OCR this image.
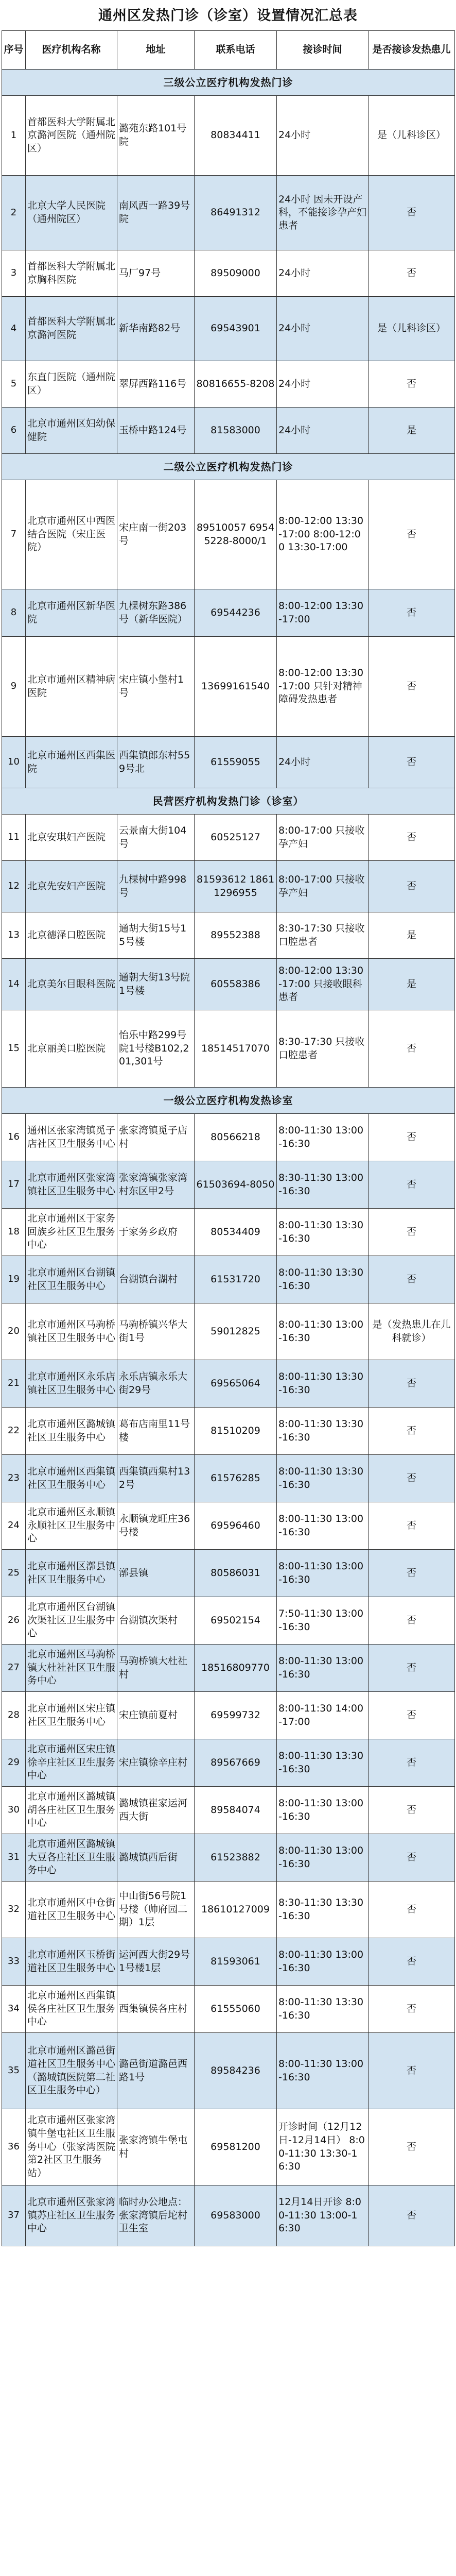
通州区发热门诊（诊室）设置情况汇总表
序号	医疗机构名称	地址	联系电话	接诊时间	是否接诊发热患儿
三级公立医疗机构发热门诊					
1	首都医科大学附属北京潞河医院（通州院区）	潞苑东路101号院	80834411	24小时	是（儿科诊区）
2	北京大学人民医院（通州院区）	南风西一路39号院	86491312	24小时 因未开设产科，不能接诊孕产妇患者	否
3	首都医科大学附属北京胸科医院	马厂97号	89509000	24小时	否
4	首都医科大学附属北京潞河医院	新华南路82号	69543901	24小时	是（儿科诊区）
5	东直门医院（通州院区）	翠屏西路116号	80816655-8208	24小时	否
6	北京市通州区妇幼保健院	玉桥中路124号	81583000	24小时	是
二级公立医疗机构发热门诊					
7	北京市通州区中西医结合医院（宋庄医院）	宋庄南一街203号	89510057 69545228-8000/1	8:00-12:00 13:30-17:00 8:00-12:00 13:30-17:00	否
8	北京市通州区新华医院	九棵树东路386号（新华医院）	69544236	8:00-12:00 13:30-17:00	否
9	北京市通州区精神病医院	宋庄镇小堡村1号	13699161540	8:00-12:00 13:30-17:00 只针对精神障碍发热患者	否
10	北京市通州区西集医院	西集镇郎东村559号北	61559055	24小时	否
民营医疗机构发热门诊（诊室）					
11	北京安琪妇产医院	云景南大街104号	60525127	8:00-17:00 只接收孕产妇	否
12	北京先安妇产医院	九棵树中路998号	81593612 18611296955	8:00-17:00 只接收孕产妇	否
13	北京德泽口腔医院	通胡大街15号15号楼	89552388	8:30-17:30 只接收口腔患者	是
14	北京美尔目眼科医院	通朝大街13号院1号楼	60558386	8:00-12:00 13:30-17:00 只接收眼科患者	是
15	北京丽美口腔医院	怡乐中路299号院1号楼B102,201,301号	18514517070	8:30-17:30 只接收口腔患者	否
一级公立医疗机构发热诊室					
16	通州区张家湾镇觅子店社区卫生服务中心	张家湾镇觅子店村	80566218	8:00-11:30 13:00-16:30	否
17	北京市通州区张家湾镇社区卫生服务中心	张家湾镇张家湾村东区甲2号	61503694-8050	8:30-11:30 13:00-16:30	否
18	北京市通州区于家务回族乡社区卫生服务中心	于家务乡政府	80534409	8:00-11:30 13:30-16:30	否
19	北京市通州区台湖镇社区卫生服务中心	台湖镇台湖村	61531720	8:00-11:30 13:30-16:30	否
20	北京市通州区马驹桥镇社区卫生服务中心	马驹桥镇兴华大街1号	59012825	8:00-11:30 13:00-16:30	是（发热患儿在儿科就诊）
21	北京市通州区永乐店镇社区卫生服务中心	永乐店镇永乐大街29号	69565064	8:00-11:30 13:30-16:30	否
22	北京市通州区潞城镇社区卫生服务中心	葛布店南里11号楼	81510209	8:00-11:30 13:30-16:30	否
23	北京市通州区西集镇社区卫生服务中心	西集镇西集村132号	61576285	8:00-11:30 13:30-16:30	否
24	北京市通州区永顺镇永顺社区卫生服务中心	永顺镇龙旺庄36号楼	69596460	8:00-11:30 13:00-16:30	否
25	北京市通州区漷县镇社区卫生服务中心	漷县镇	80586031	8:00-11:30 13:00-16:30	否
26	北京市通州区台湖镇次渠社区卫生服务中心	台湖镇次渠村	69502154	7:50-11:30 13:00-16:30	否
27	北京市通州区马驹桥镇大杜社社区卫生服务中心	马驹桥镇大杜社村	18516809770	8:00-11:30 13:00-16:30	否
28	北京市通州区宋庄镇社区卫生服务中心	宋庄镇前夏村	69599732	8:00-11:30 14:00-17:00	否
29	北京市通州区宋庄镇徐辛庄社区卫生服务中心	宋庄镇徐辛庄村	89567669	8:00-11:30 13:30-16:30	否
30	北京市通州区潞城镇胡各庄社区卫生服务中心	潞城镇崔家运河西大街	89584074	8:00-11:30 13:00-16:30	否
31	北京市通州区潞城镇大豆各庄社区卫生服务中心	潞城镇西后街	61523882	8:00-11:30 13:00-16:30	否
32	北京市通州区中仓街道社区卫生服务中心	中山街56号院1号楼（帅府园二期）1层	18610127009	8:30-11:30 13:30-16:30	否
33	北京市通州区玉桥街道社区卫生服务中心	运河西大街29号1号楼1层	81593061	8:00-11:30 13:00-16:30	否
34	北京市通州区西集镇侯各庄社区卫生服务中心	西集镇侯各庄村	61555060	8:00-11:30 13:30-16:30	否
35	北京市通州区潞邑街道社区卫生服务中心（潞城镇医院第二社区卫生服务中心）	潞邑街道潞邑西路1号	89584236	8:00-11:30 13:00-16:30	否
36	北京市通州区张家湾镇牛堡屯社区卫生服务中心（张家湾医院第2社区卫生服务站）	张家湾镇牛堡屯村	69581200	开诊时间（12月12日-12月14日） 8:00-11:30 13:30-16:30	否
37	北京市通州区张家湾镇苏庄社区卫生服务中心	临时办公地点：张家湾镇后坨村卫生室	69583000	12月14日开诊 8:00-11:30 13:00-16:30	否
